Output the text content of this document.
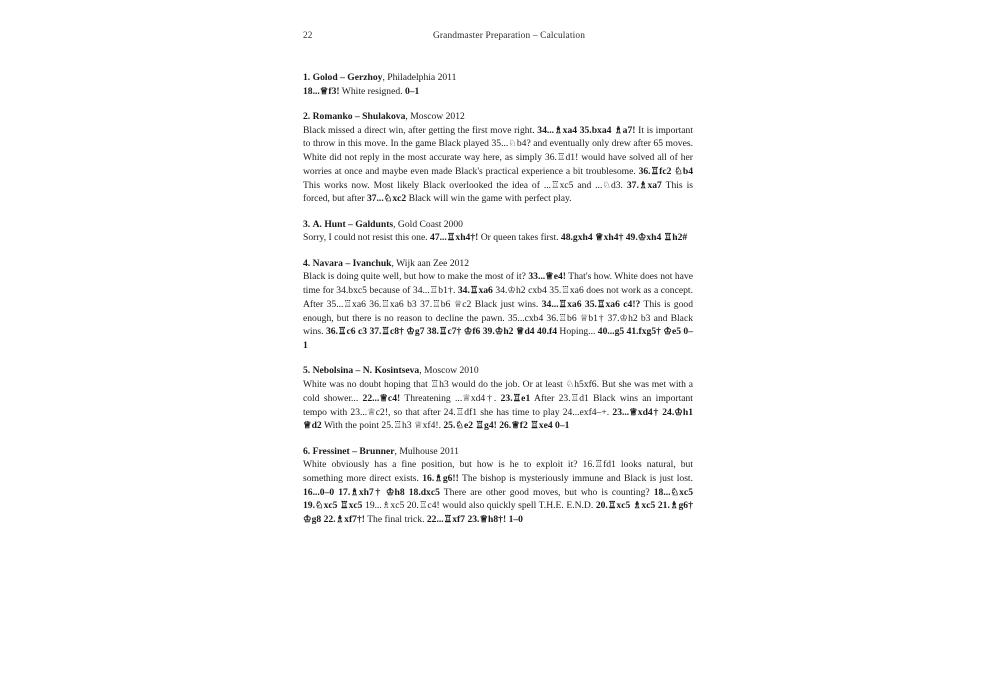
22	Grandmaster Preparation – Calculation

1. Golod – Gerzhoy, Philadelphia 2011

18...♕f3! White resigned. 0–1

2. Romanko – Shulakova, Moscow 2012

Black missed a direct win, after getting the first move right. 34...♗xa4 35.bxa4 ♗a7! It is important to throw in this move. In the game Black played 35...♘b4? and eventually only drew after 65 moves. White did not reply in the most accurate way here, as simply 36.♖d1! would have solved all of her worries at once and maybe even made Black's practical experience a bit troublesome. 36.♖fc2 ♘b4 This works now. Most likely Black overlooked the idea of ...♖xc5 and ...♘d3. 37.♗xa7 This is forced, but after 37...♘xc2 Black will win the game with perfect play.

3. A. Hunt – Galdunts, Gold Coast 2000

Sorry, I could not resist this one. 47...♖xh4†! Or queen takes first. 48.gxh4 ♕xh4† 49.♔xh4 ♖h2#

4. Navara – Ivanchuk, Wijk aan Zee 2012

Black is doing quite well, but how to make the most of it? 33...♕e4! That's how. White does not have time for 34.bxc5 because of 34...♖b1†. 34.♖xa6 34.♔h2 cxb4 35.♖xa6 does not work as a concept. After 35...♖xa6 36.♖xa6 b3 37.♖b6 ♕c2 Black just wins. 34...♖xa6 35.♖xa6 c4!? This is good enough, but there is no reason to decline the pawn. 35...cxb4 36.♖b6 ♕b1† 37.♔h2 b3 and Black wins. 36.♖c6 c3 37.♖c8† ♔g7 38.♖c7† ♔f6 39.♔h2 ♕d4 40.f4 Hoping... 40...g5 41.fxg5† ♔e5 0–1

5. Nebolsina – N. Kosintseva, Moscow 2010

White was no doubt hoping that ♖h3 would do the job. Or at least ♘h5xf6. But she was met with a cold shower... 22...♕c4! Threatening ...♕xd4†. 23.♖e1 After 23.♖d1 Black wins an important tempo with 23...♕c2!, so that after 24.♖df1 she has time to play 24...exf4–+. 23...♕xd4† 24.♔h1 ♕d2 With the point 25.♖h3 ♕xf4!. 25.♘e2 ♖g4! 26.♕f2 ♖xe4 0–1

6. Fressinet – Brunner, Mulhouse 2011

White obviously has a fine position, but how is he to exploit it? 16.♖fd1 looks natural, but something more direct exists. 16.♗g6!! The bishop is mysteriously immune and Black is just lost. 16...0–0 17.♗xh7† ♔h8 18.dxc5 There are other good moves, but who is counting? 18...♘xc5 19.♘xc5 ♖xc5 19...♗xc5 20.♖c4! would also quickly spell T.H.E. E.N.D. 20.♖xc5 ♗xc5 21.♗g6† ♔g8 22.♗xf7†! The final trick. 22...♖xf7 23.♕h8†! 1–0
